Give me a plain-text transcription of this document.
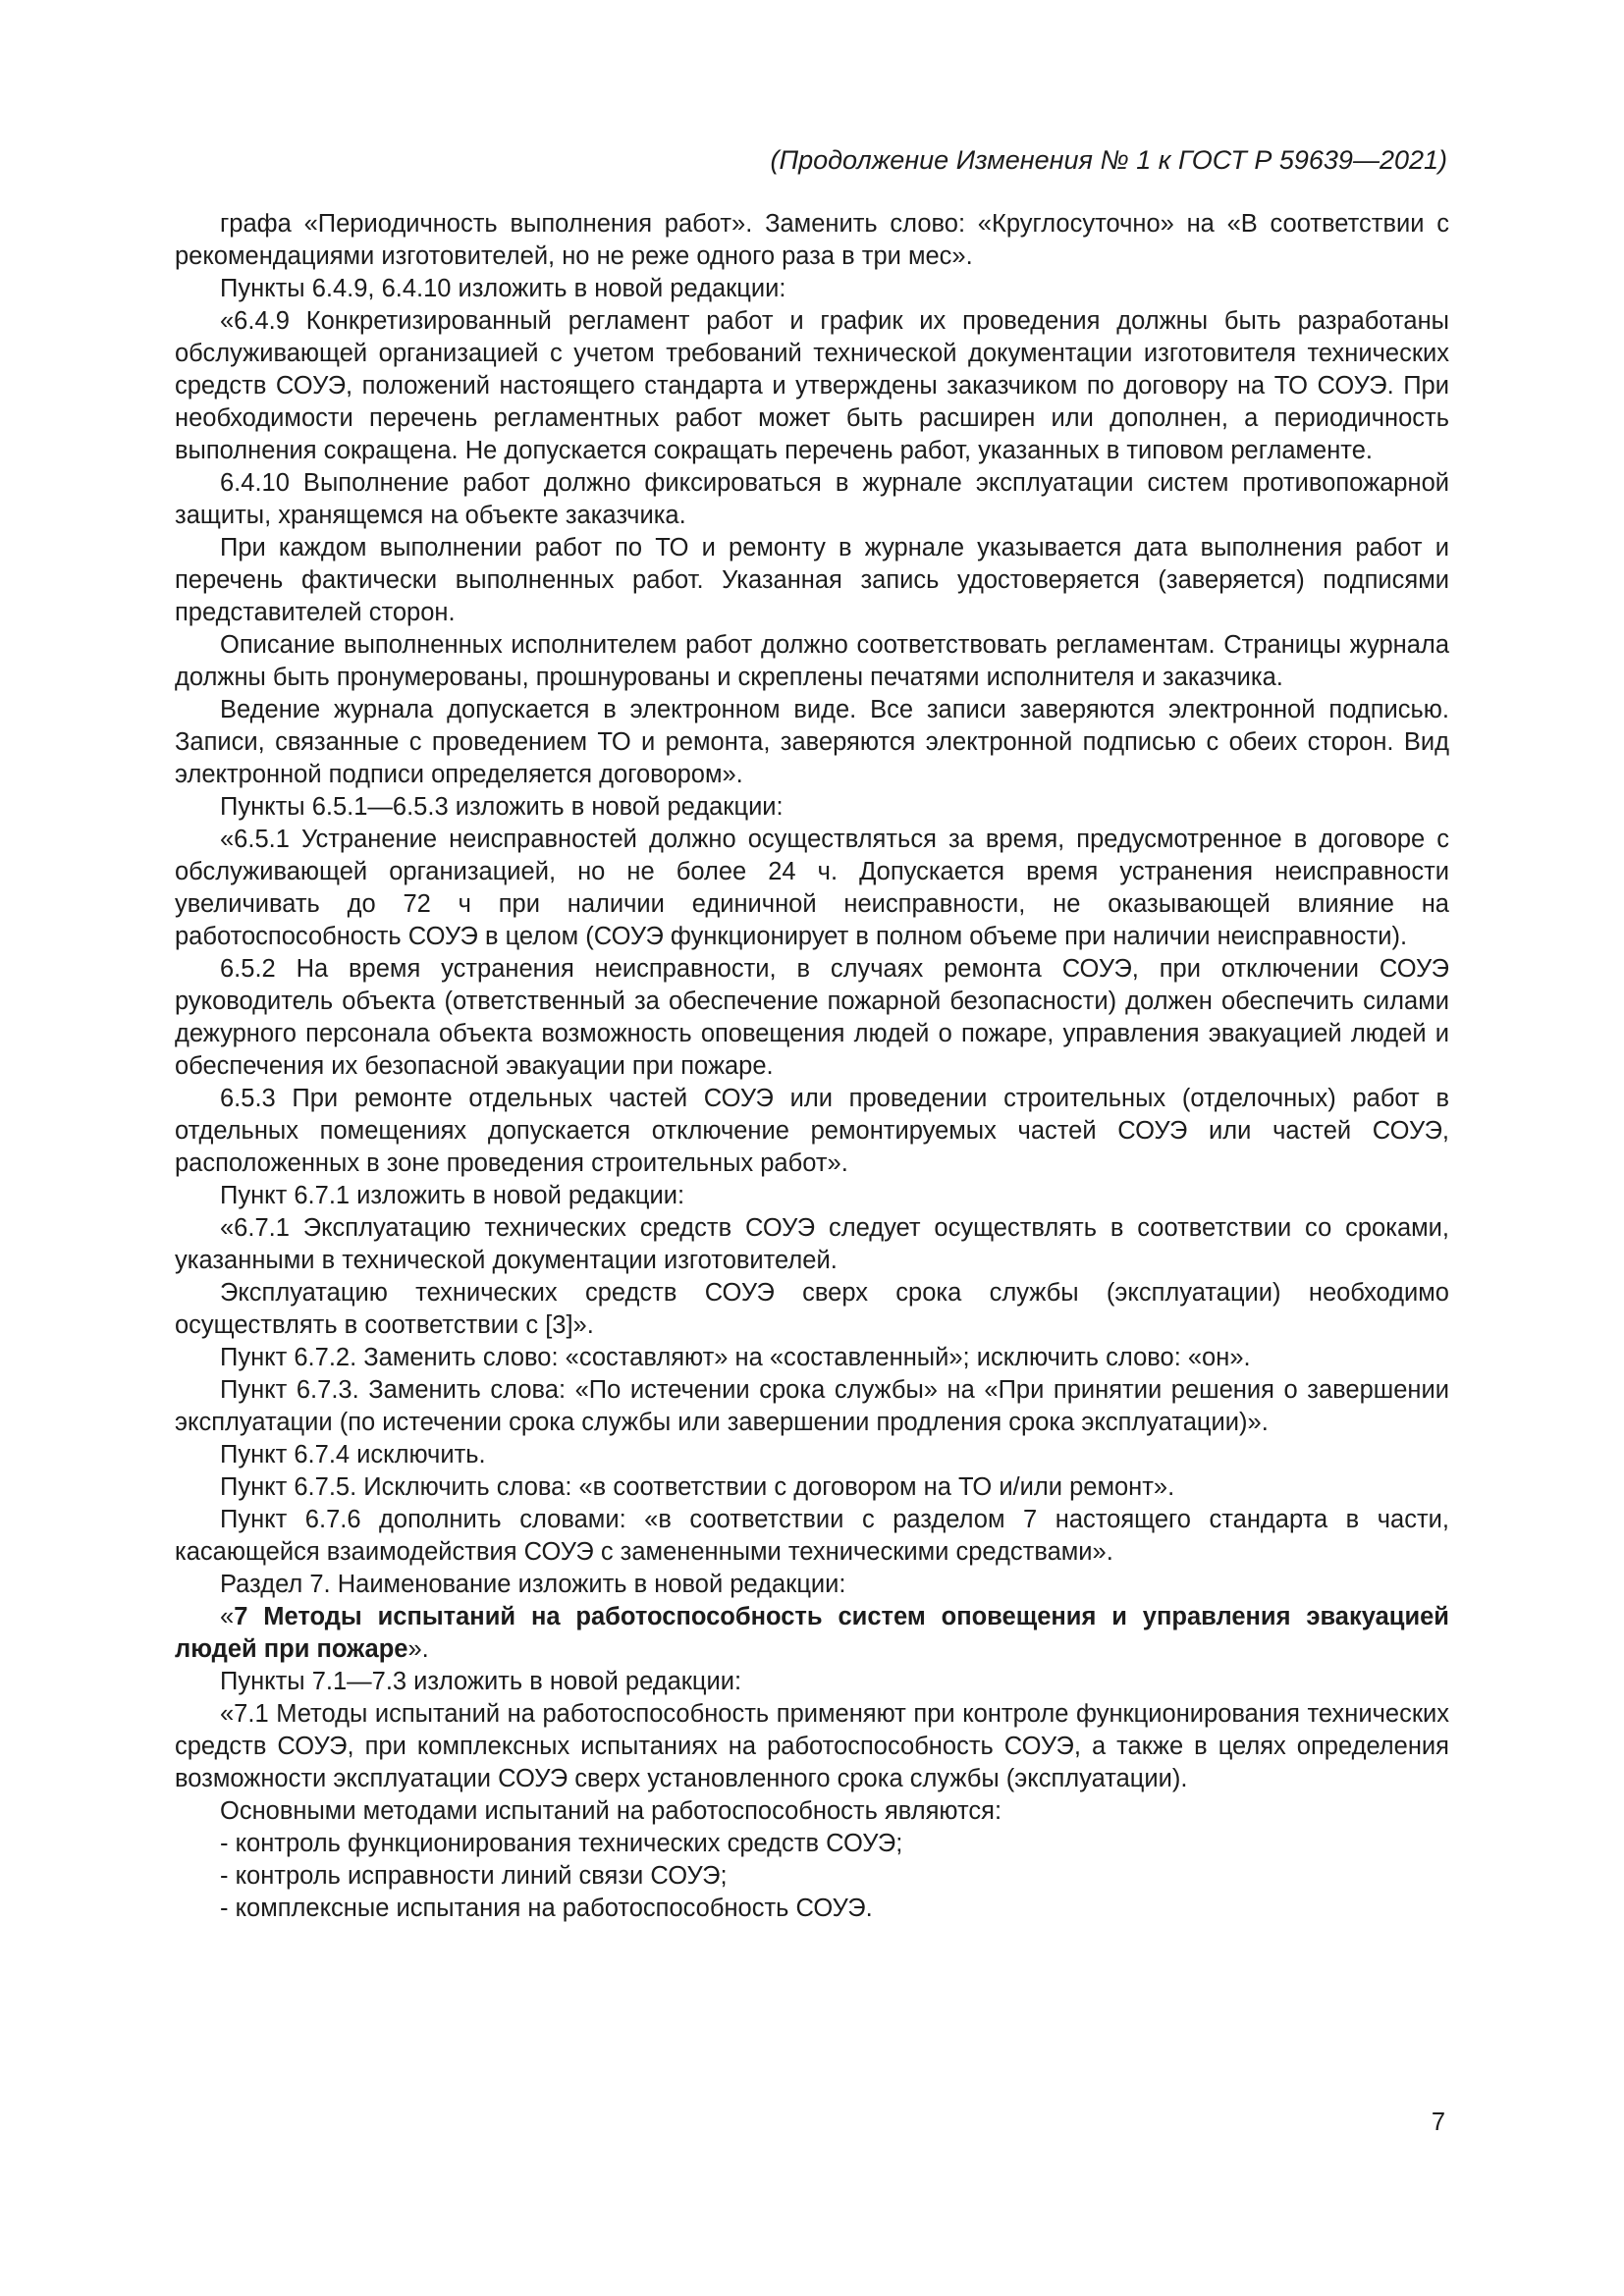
(Продолжение Изменения № 1 к ГОСТ Р 59639—2021)

графа «Периодичность выполнения работ». Заменить слово: «Круглосуточно» на «В соответствии с рекомендациями изготовителей, но не реже одного раза в три мес».

Пункты 6.4.9, 6.4.10 изложить в новой редакции:

«6.4.9 Конкретизированный регламент работ и график их проведения должны быть разработаны обслуживающей организацией с учетом требований технической документации изготовителя технических средств СОУЭ, положений настоящего стандарта и утверждены заказчиком по договору на ТО СОУЭ. При необходимости перечень регламентных работ может быть расширен или дополнен, а периодичность выполнения сокращена. Не допускается сокращать перечень работ, указанных в типовом регламенте.

6.4.10 Выполнение работ должно фиксироваться в журнале эксплуатации систем противопожарной защиты, хранящемся на объекте заказчика.

При каждом выполнении работ по ТО и ремонту в журнале указывается дата выполнения работ и перечень фактически выполненных работ. Указанная запись удостоверяется (заверяется) подписями представителей сторон.

Описание выполненных исполнителем работ должно соответствовать регламентам. Страницы журнала должны быть пронумерованы, прошнурованы и скреплены печатями исполнителя и заказчика.

Ведение журнала допускается в электронном виде. Все записи заверяются электронной подписью. Записи, связанные с проведением ТО и ремонта, заверяются электронной подписью с обеих сторон. Вид электронной подписи определяется договором».

Пункты 6.5.1—6.5.3 изложить в новой редакции:

«6.5.1 Устранение неисправностей должно осуществляться за время, предусмотренное в договоре с обслуживающей организацией, но не более 24 ч. Допускается время устранения неисправности увеличивать до 72 ч при наличии единичной неисправности, не оказывающей влияние на работоспособность СОУЭ в целом (СОУЭ функционирует в полном объеме при наличии неисправности).

6.5.2 На время устранения неисправности, в случаях ремонта СОУЭ, при отключении СОУЭ руководитель объекта (ответственный за обеспечение пожарной безопасности) должен обеспечить силами дежурного персонала объекта возможность оповещения людей о пожаре, управления эвакуацией людей и обеспечения их безопасной эвакуации при пожаре.

6.5.3 При ремонте отдельных частей СОУЭ или проведении строительных (отделочных) работ в отдельных помещениях допускается отключение ремонтируемых частей СОУЭ или частей СОУЭ, расположенных в зоне проведения строительных работ».

Пункт 6.7.1 изложить в новой редакции:

«6.7.1 Эксплуатацию технических средств СОУЭ следует осуществлять в соответствии со сроками, указанными в технической документации изготовителей.

Эксплуатацию технических средств СОУЭ сверх срока службы (эксплуатации) необходимо осуществлять в соответствии с [3]».

Пункт 6.7.2. Заменить слово: «составляют» на «составленный»; исключить слово: «он».

Пункт 6.7.3. Заменить слова: «По истечении срока службы» на «При принятии решения о завершении эксплуатации (по истечении срока службы или завершении продления срока эксплуатации)».

Пункт 6.7.4 исключить.

Пункт 6.7.5. Исключить слова: «в соответствии с договором на ТО и/или ремонт».

Пункт 6.7.6 дополнить словами: «в соответствии с разделом 7 настоящего стандарта в части, касающейся взаимодействия СОУЭ с замененными техническими средствами».

Раздел 7. Наименование изложить в новой редакции:

«7 Методы испытаний на работоспособность систем оповещения и управления эвакуацией людей при пожаре».

Пункты 7.1—7.3 изложить в новой редакции:

«7.1 Методы испытаний на работоспособность применяют при контроле функционирования технических средств СОУЭ, при комплексных испытаниях на работоспособность СОУЭ, а также в целях определения возможности эксплуатации СОУЭ сверх установленного срока службы (эксплуатации).

Основными методами испытаний на работоспособность являются:

- контроль функционирования технических средств СОУЭ;

- контроль исправности линий связи СОУЭ;

- комплексные испытания на работоспособность СОУЭ.

7
